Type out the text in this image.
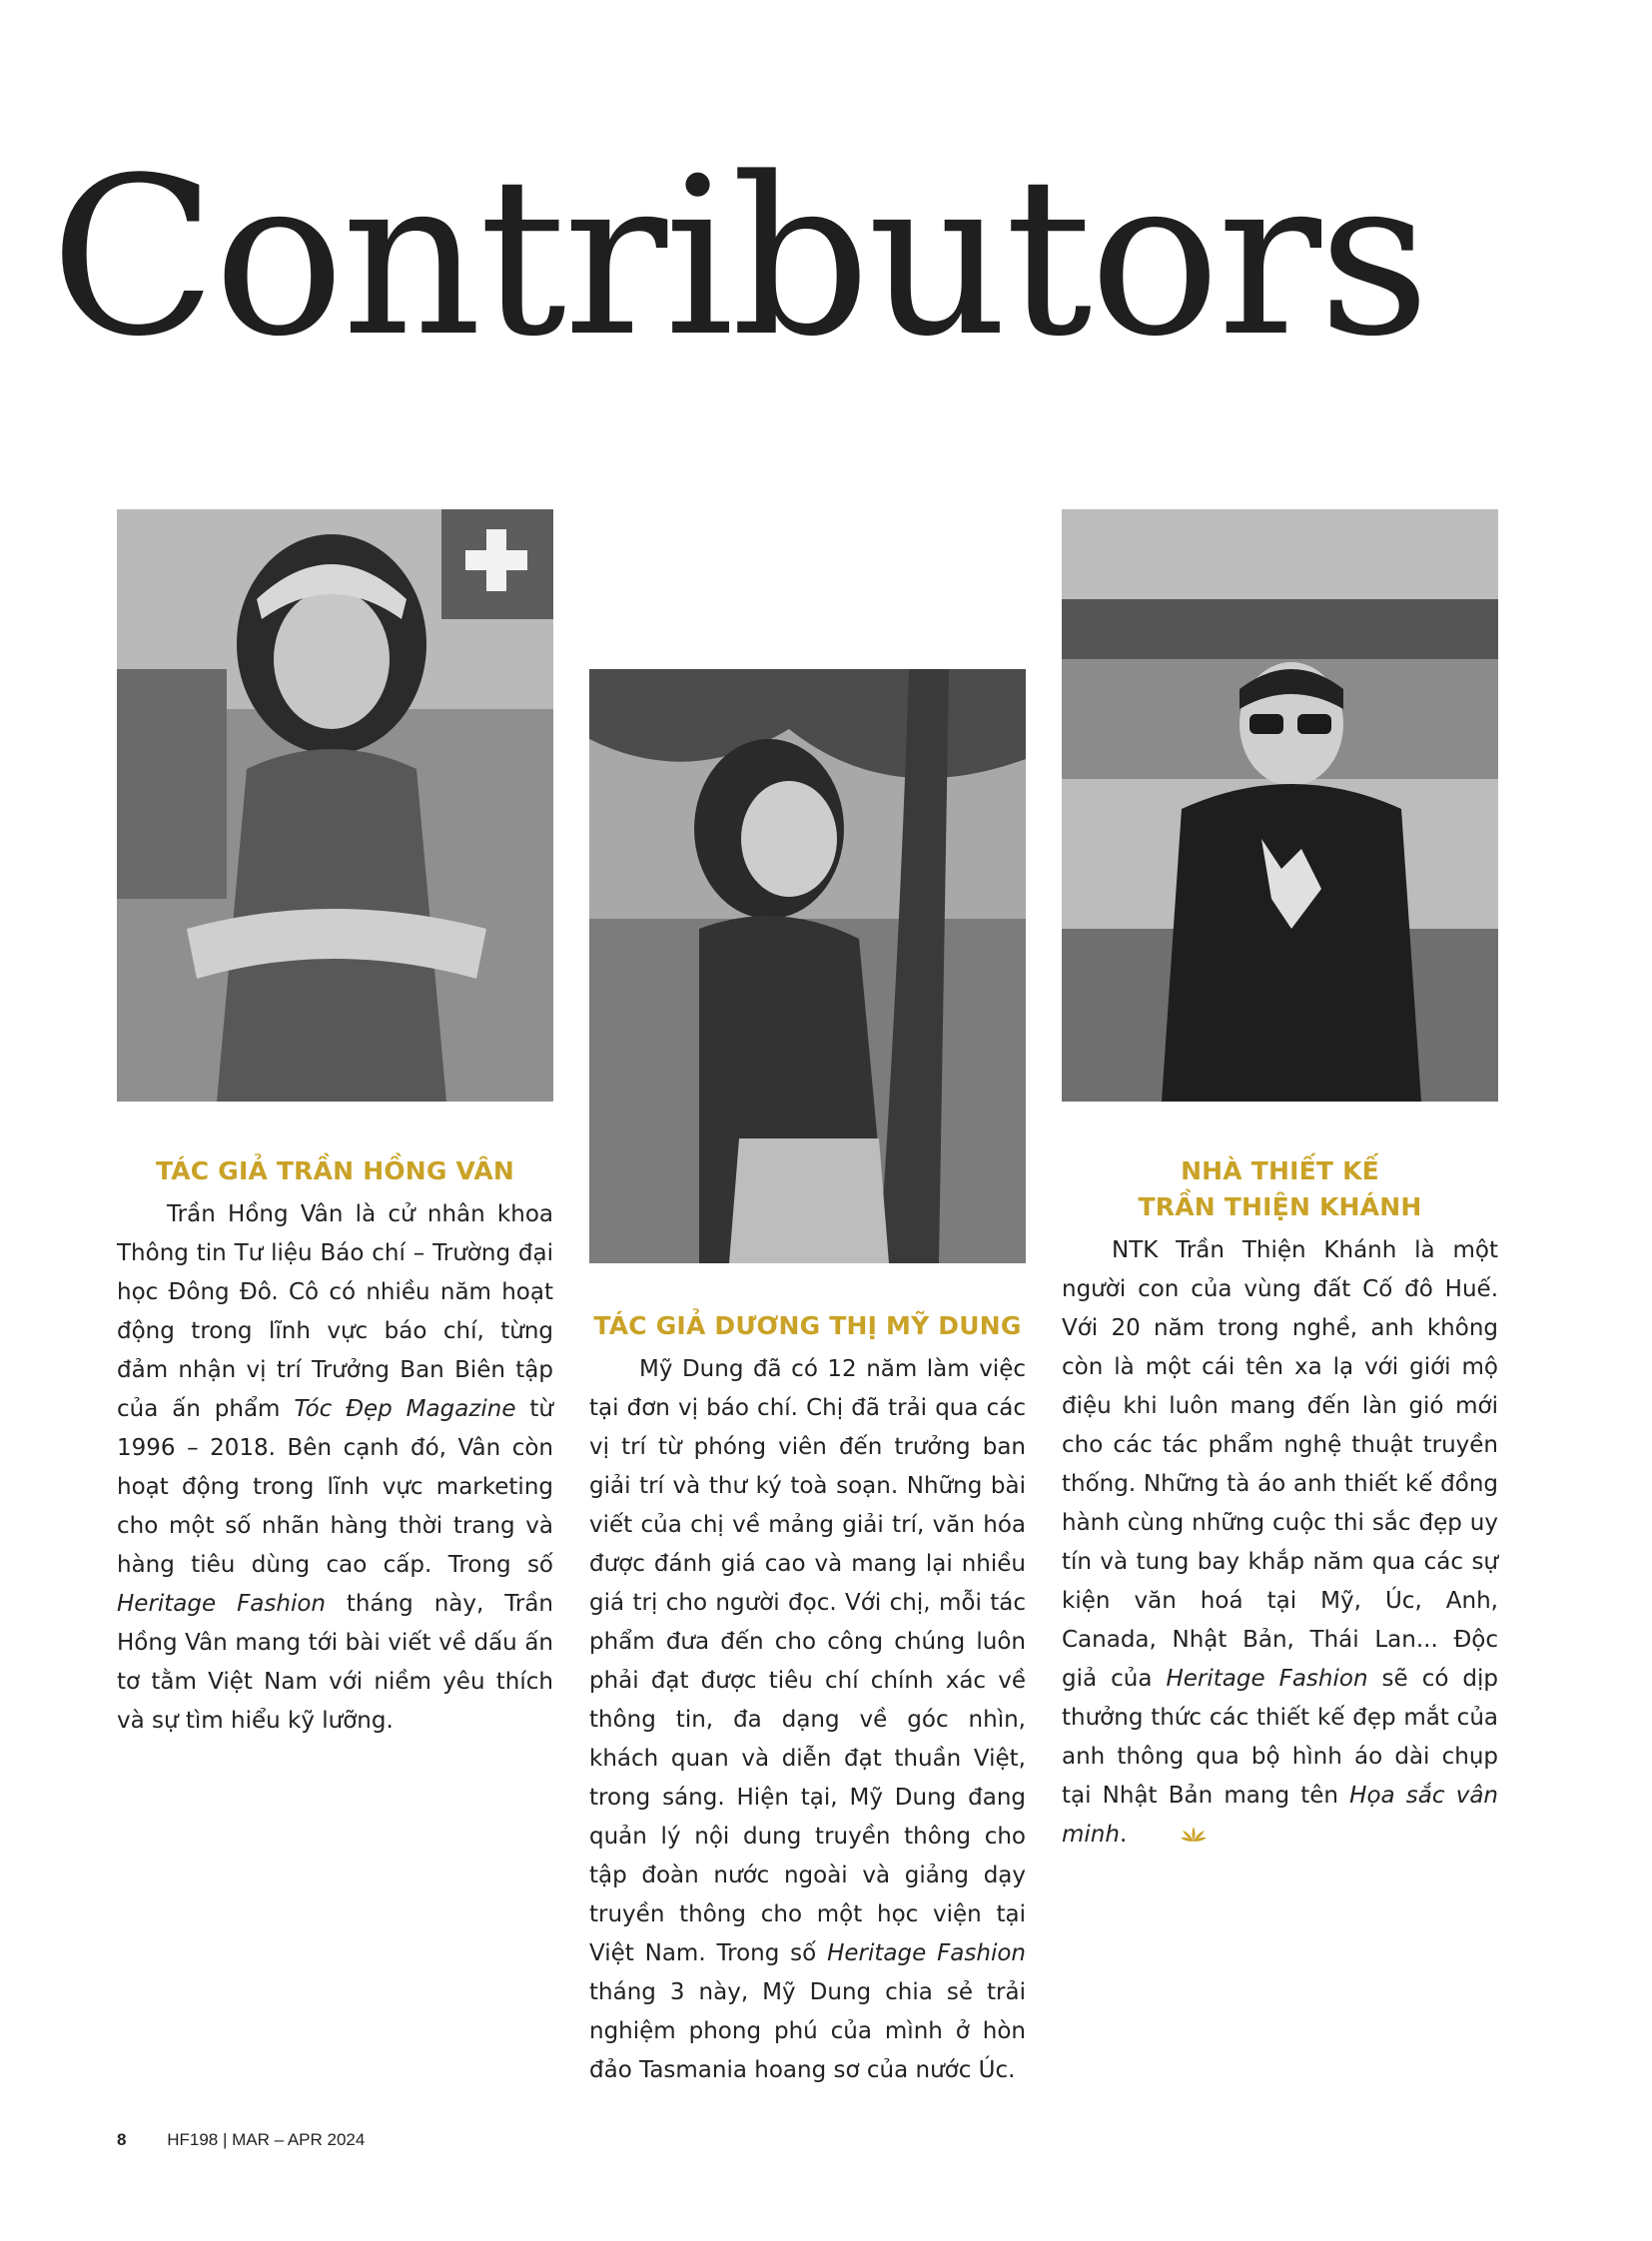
Contributors
TÁC GIẢ TRẦN HỒNG VÂN

Trần Hồng Vân là cử nhân khoa Thông tin Tư liệu Báo chí – Trường đại học Đông Đô. Cô có nhiều năm hoạt động trong lĩnh vực báo chí, từng đảm nhận vị trí Trưởng Ban Biên tập của ấn phẩm Tóc Đẹp Magazine từ 1996 – 2018. Bên cạnh đó, Vân còn hoạt động trong lĩnh vực marketing cho một số nhãn hàng thời trang và hàng tiêu dùng cao cấp. Trong số Heritage Fashion tháng này, Trần Hồng Vân mang tới bài viết về dấu ấn tơ tằm Việt Nam với niềm yêu thích và sự tìm hiểu kỹ lưỡng.

TÁC GIẢ DƯƠNG THỊ MỸ DUNG

Mỹ Dung đã có 12 năm làm việc tại đơn vị báo chí. Chị đã trải qua các vị trí từ phóng viên đến trưởng ban giải trí và thư ký toà soạn. Những bài viết của chị về mảng giải trí, văn hóa được đánh giá cao và mang lại nhiều giá trị cho người đọc. Với chị, mỗi tác phẩm đưa đến cho công chúng luôn phải đạt được tiêu chí chính xác về thông tin, đa dạng về góc nhìn, khách quan và diễn đạt thuần Việt, trong sáng. Hiện tại, Mỹ Dung đang quản lý nội dung truyền thông cho tập đoàn nước ngoài và giảng dạy truyền thông cho một học viện tại Việt Nam. Trong số Heritage Fashion tháng 3 này, Mỹ Dung chia sẻ trải nghiệm phong phú của mình ở hòn đảo Tasmania hoang sơ của nước Úc.

NHÀ THIẾT KẾ
TRẦN THIỆN KHÁNH

NTK Trần Thiện Khánh là một người con của vùng đất Cố đô Huế. Với 20 năm trong nghề, anh không còn là một cái tên xa lạ với giới mộ điệu khi luôn mang đến làn gió mới cho các tác phẩm nghệ thuật truyền thống. Những tà áo anh thiết kế đồng hành cùng những cuộc thi sắc đẹp uy tín và tung bay khắp năm qua các sự kiện văn hoá tại Mỹ, Úc, Anh, Canada, Nhật Bản, Thái Lan... Độc giả của Heritage Fashion sẽ có dịp thưởng thức các thiết kế đẹp mắt của anh thông qua bộ hình áo dài chụp tại Nhật Bản mang tên Họa sắc vân minh.

8 HF198 | MAR – APR 2024
